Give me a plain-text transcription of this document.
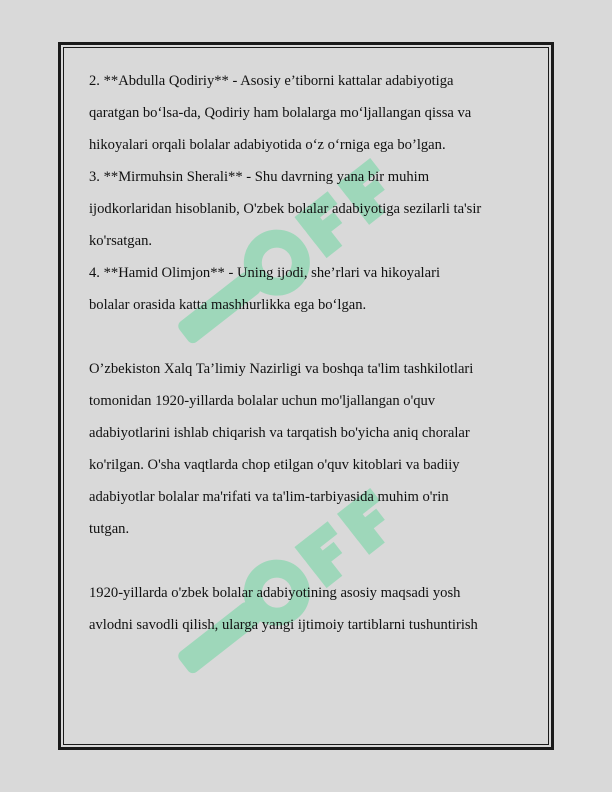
2. **Abdulla Qodiriy** - Asosiy e’tiborni kattalar adabiyotiga
qaratgan bo‘lsa-da, Qodiriy ham bolalarga mo‘ljallangan qissa va
hikoyalari orqali bolalar adabiyotida o‘z o‘rniga ega bo’lgan.
3. **Mirmuhsin Sherali** - Shu davrning yana bir muhim
ijodkorlaridan hisoblanib, O'zbek bolalar adabiyotiga sezilarli ta'sir
ko'rsatgan.
4. **Hamid Olimjon** - Uning ijodi, she’rlari va hikoyalari
bolalar orasida katta mashhurlikka ega bo‘lgan.
O’zbekiston Xalq Ta’limiy Nazirligi va boshqa ta'lim tashkilotlari
tomonidan 1920-yillarda bolalar uchun mo'ljallangan o'quv
adabiyotlarini ishlab chiqarish va tarqatish bo'yicha aniq choralar
ko'rilgan. O'sha vaqtlarda chop etilgan o'quv kitoblari va badiiy
adabiyotlar bolalar ma'rifati va ta'lim-tarbiyasida muhim o'rin
tutgan.
1920-yillarda o'zbek bolalar adabiyotining asosiy maqsadi yosh
avlodni savodli qilish, ularga yangi ijtimoiy tartiblarni tushuntirish
